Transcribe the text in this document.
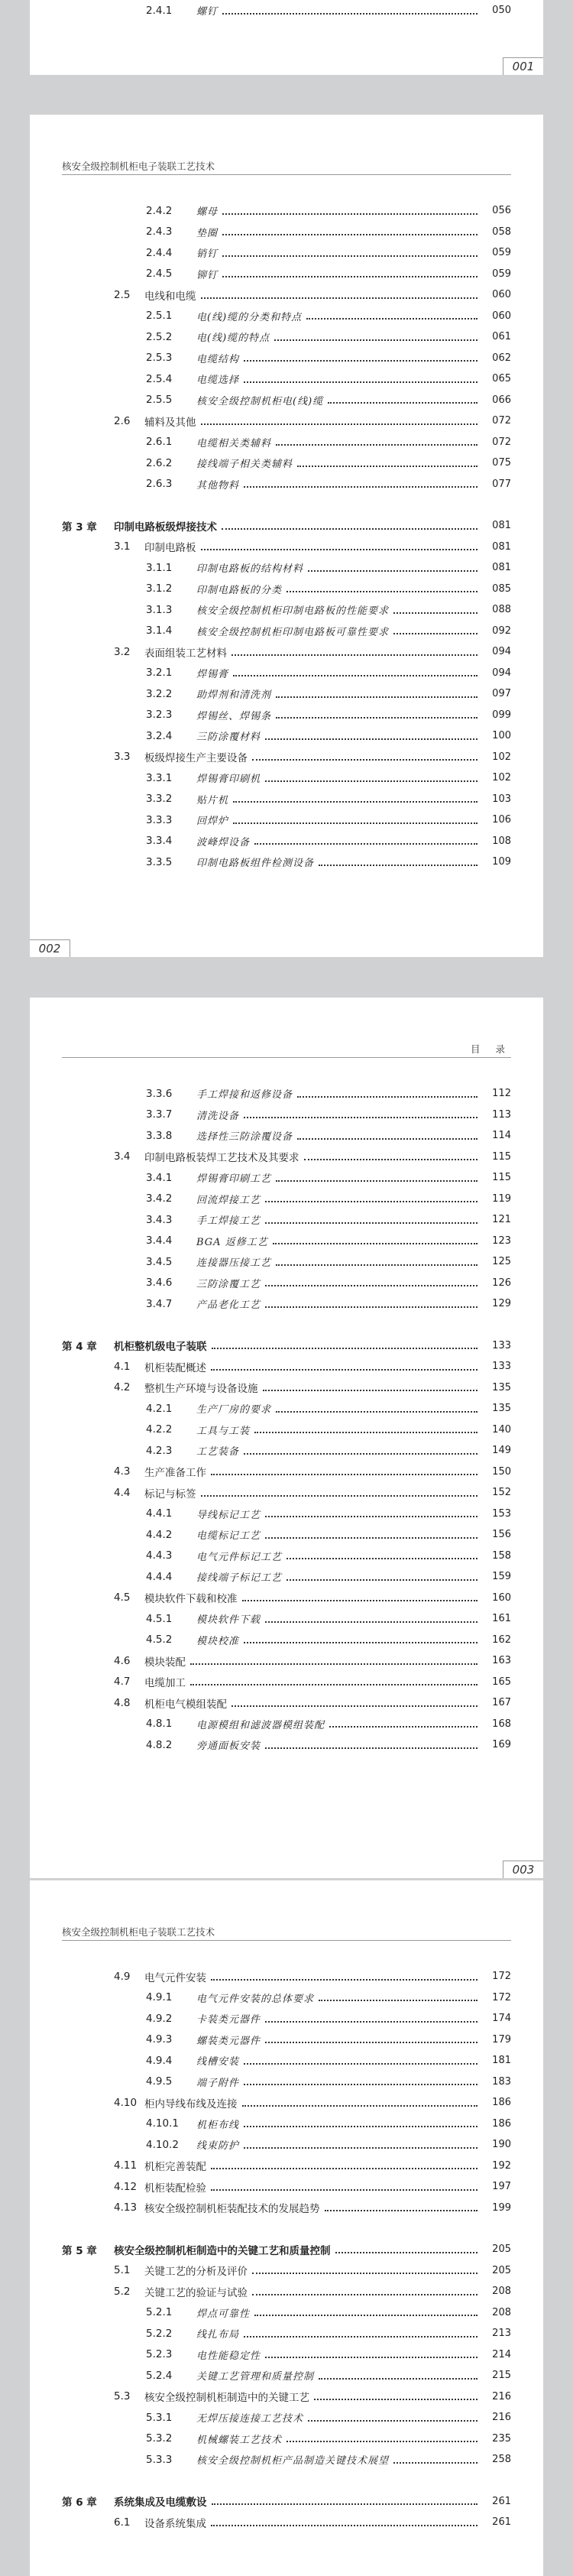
2.4.1	螺钉	050
001
核安全级控制机柜电子装联工艺技术
2.4.2	螺母	056
2.4.3	垫圈	058
2.4.4	销钉	059
2.4.5	铆钉	059
2.5	电线和电缆	060
2.5.1	电(线)缆的分类和特点	060
2.5.2	电(线)缆的特点	061
2.5.3	电缆结构	062
2.5.4	电缆选择	065
2.5.5	核安全级控制机柜电(线)缆	066
2.6	辅料及其他	072
2.6.1	电缆相关类辅料	072
2.6.2	接线端子相关类辅料	075
2.6.3	其他物料	077
第 3 章	印制电路板级焊接技术	081
3.1	印制电路板	081
3.1.1	印制电路板的结构材料	081
3.1.2	印制电路板的分类	085
3.1.3	核安全级控制机柜印制电路板的性能要求	088
3.1.4	核安全级控制机柜印制电路板可靠性要求	092
3.2	表面组装工艺材料	094
3.2.1	焊锡膏	094
3.2.2	助焊剂和清洗剂	097
3.2.3	焊锡丝、焊锡条	099
3.2.4	三防涂覆材料	100
3.3	板级焊接生产主要设备	102
3.3.1	焊锡膏印刷机	102
3.3.2	贴片机	103
3.3.3	回焊炉	106
3.3.4	波峰焊设备	108
3.3.5	印制电路板组件检测设备	109
002
目 录
3.3.6	手工焊接和返修设备	112
3.3.7	清洗设备	113
3.3.8	选择性三防涂覆设备	114
3.4	印制电路板装焊工艺技术及其要求	115
3.4.1	焊锡膏印刷工艺	115
3.4.2	回流焊接工艺	119
3.4.3	手工焊接工艺	121
3.4.4	BGA 返修工艺	123
3.4.5	连接器压接工艺	125
3.4.6	三防涂覆工艺	126
3.4.7	产品老化工艺	129
第 4 章	机柜整机级电子装联	133
4.1	机柜装配概述	133
4.2	整机生产环境与设备设施	135
4.2.1	生产厂房的要求	135
4.2.2	工具与工装	140
4.2.3	工艺装备	149
4.3	生产准备工作	150
4.4	标记与标签	152
4.4.1	导线标记工艺	153
4.4.2	电缆标记工艺	156
4.4.3	电气元件标记工艺	158
4.4.4	接线端子标记工艺	159
4.5	模块软件下载和校准	160
4.5.1	模块软件下载	161
4.5.2	模块校准	162
4.6	模块装配	163
4.7	电缆加工	165
4.8	机柜电气模组装配	167
4.8.1	电源模组和滤波器模组装配	168
4.8.2	旁通面板安装	169
003
核安全级控制机柜电子装联工艺技术
4.9	电气元件安装	172
4.9.1	电气元件安装的总体要求	172
4.9.2	卡装类元器件	174
4.9.3	螺装类元器件	179
4.9.4	线槽安装	181
4.9.5	端子附件	183
4.10 柜内导线布线及连接	186
4.10.1	机柜布线	186
4.10.2	线束防护	190
4.11 机柜完善装配	192
4.12 机柜装配检验	197
4.13 核安全级控制机柜装配技术的发展趋势	199
第 5 章	核安全级控制机柜制造中的关键工艺和质量控制	205
5.1	关键工艺的分析及评价	205
5.2	关键工艺的验证与试验	208
5.2.1	焊点可靠性	208
5.2.2	线扎布局	213
5.2.3	电性能稳定性	214
5.2.4	关键工艺管理和质量控制	215
5.3	核安全级控制机柜制造中的关键工艺	216
5.3.1	无焊压接连接工艺技术	216
5.3.2	机械螺装工艺技术	235
5.3.3	核安全级控制机柜产品制造关键技术展望	258
第 6 章	系统集成及电缆敷设	261
6.1	设备系统集成	261
